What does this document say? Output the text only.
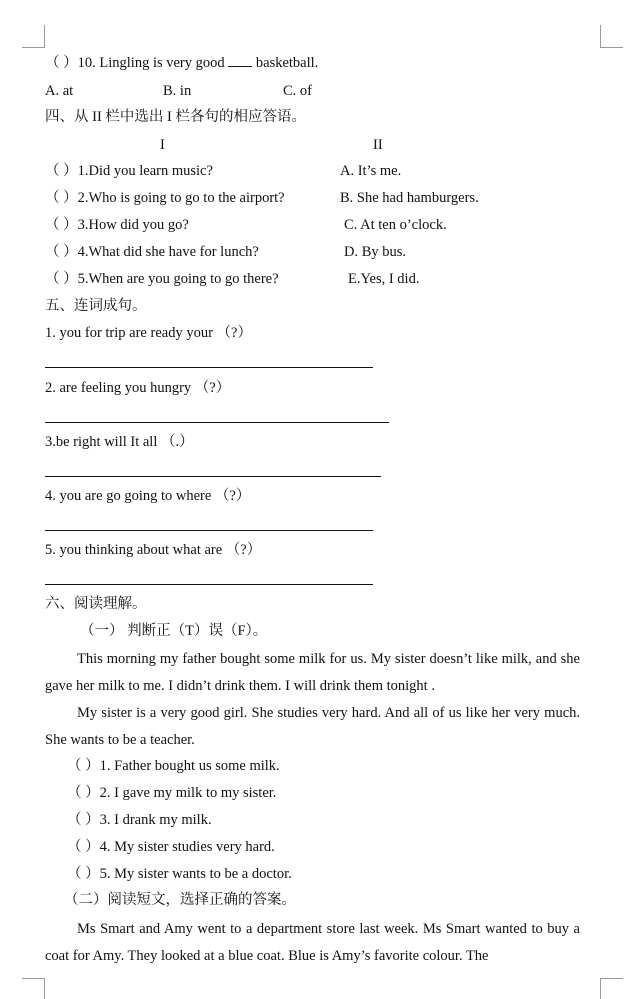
（ ）10. Lingling is very good  basketball.
A. at	B. in	C. of
四、从 II 栏中选出 I 栏各句的相应答语。
I	II
（ ）1.Did you learn music?	A. It’s me.
（ ）2.Who is going to go to the airport?	B. She had hamburgers.
（ ）3.How did you go?	C. At ten o’clock.
（ ）4.What did she have for lunch?	D. By bus.
（ ）5.When are you going to go there?	E.Yes, I did.
五、连词成句。
1. you for trip are ready your （?）
2. are feeling you hungry （?）
3.be right will It all （.）
4. you are go going to where （?）
5. you thinking about what are （?）
六、阅读理解。
（一） 判断正（T）误（F）。
This morning my father bought some milk for us. My sister doesn’t like milk, and she gave her milk to me. I didn’t drink them. I will drink them tonight .
My sister is a very good girl. She studies very hard. And all of us like her very much. She wants to be a teacher.
（ ）1. Father bought us some milk.
（ ）2. I gave my milk to my sister.
（ ）3. I drank my milk.
（ ）4. My sister studies very hard.
（ ）5. My sister wants to be a doctor.
（二）阅读短文，选择正确的答案。
Ms Smart and Amy went to a department store last week. Ms Smart wanted to buy a coat for Amy. They looked at a blue coat. Blue is Amy’s favorite colour. The
